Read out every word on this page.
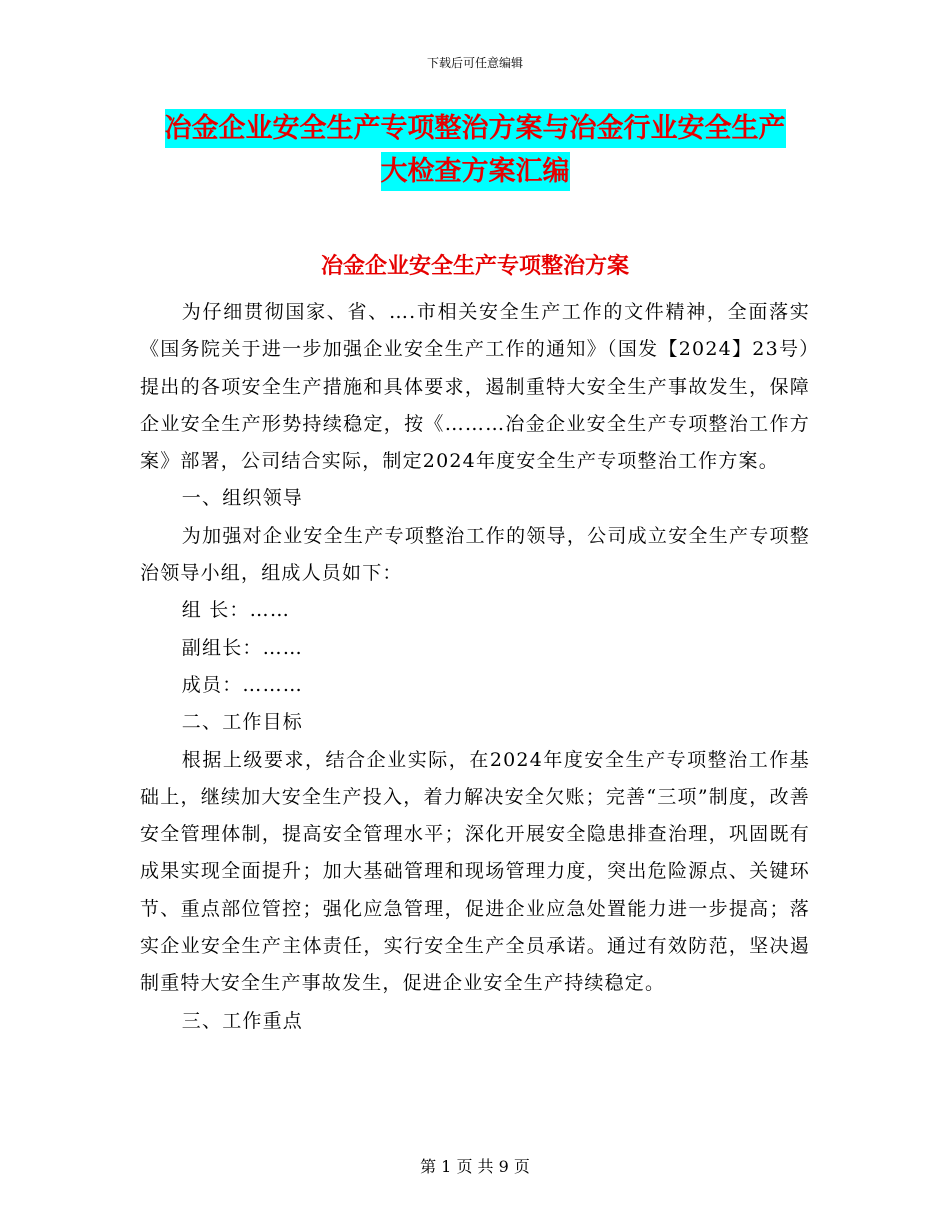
下载后可任意编辑
冶金企业安全生产专项整治方案与冶金行业安全生产
大检查方案汇编
冶金企业安全生产专项整治方案

为仔细贯彻国家、省、….市相关安全生产工作的文件精神，全面落实《国务院关于进一步加强企业安全生产工作的通知》（国发【2024】23号）提出的各项安全生产措施和具体要求，遏制重特大安全生产事故发生，保障企业安全生产形势持续稳定，按《………冶金企业安全生产专项整治工作方案》部署，公司结合实际，制定2024年度安全生产专项整治工作方案。

一、组织领导

为加强对企业安全生产专项整治工作的领导，公司成立安全生产专项整治领导小组，组成人员如下：

组 长：……

副组长：……

成员：………

二、工作目标

根据上级要求，结合企业实际，在2024年度安全生产专项整治工作基础上，继续加大安全生产投入，着力解决安全欠账；完善“三项”制度，改善安全管理体制，提高安全管理水平；深化开展安全隐患排查治理，巩固既有成果实现全面提升；加大基础管理和现场管理力度，突出危险源点、关键环节、重点部位管控；强化应急管理，促进企业应急处置能力进一步提高；落实企业安全生产主体责任，实行安全生产全员承诺。通过有效防范，坚决遏制重特大安全生产事故发生，促进企业安全生产持续稳定。

三、工作重点

第 1 页 共 9 页
